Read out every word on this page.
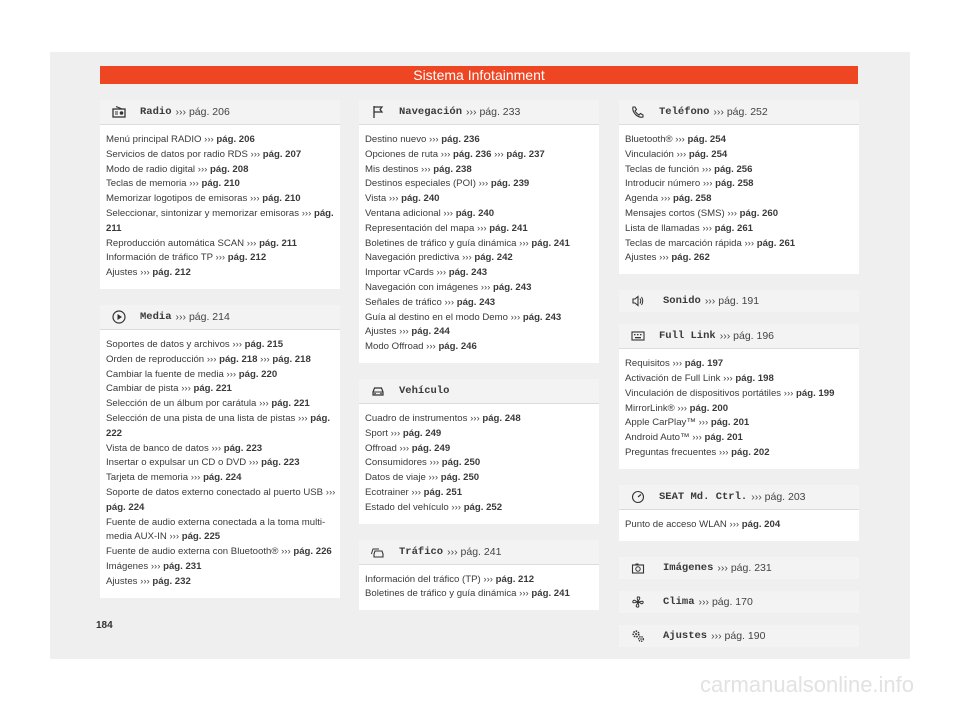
Sistema Infotainment
Radio ››› pág. 206
Menú principal RADIO ››› pág. 206
Servicios de datos por radio RDS ››› pág. 207
Modo de radio digital ››› pág. 208
Teclas de memoria ››› pág. 210
Memorizar logotipos de emisoras ››› pág. 210
Seleccionar, sintonizar y memorizar emisoras ››› pág. 211
Reproducción automática SCAN ››› pág. 211
Información de tráfico TP ››› pág. 212
Ajustes ››› pág. 212
Media ››› pág. 214
Soportes de datos y archivos ››› pág. 215
Orden de reproducción ››› pág. 218 ››› pág. 218
Cambiar la fuente de media ››› pág. 220
Cambiar de pista ››› pág. 221
Selección de un álbum por carátula ››› pág. 221
Selección de una pista de una lista de pistas ››› pág. 222
Vista de banco de datos ››› pág. 223
Insertar o expulsar un CD o DVD ››› pág. 223
Tarjeta de memoria ››› pág. 224
Soporte de datos externo conectado al puerto USB ››› pág. 224
Fuente de audio externa conectada a la toma multi-media AUX-IN ››› pág. 225
Fuente de audio externa con Bluetooth® ››› pág. 226
Imágenes ››› pág. 231
Ajustes ››› pág. 232
Navegación ››› pág. 233
Destino nuevo ››› pág. 236
Opciones de ruta ››› pág. 236 ››› pág. 237
Mis destinos ››› pág. 238
Destinos especiales (POI) ››› pág. 239
Vista ››› pág. 240
Ventana adicional ››› pág. 240
Representación del mapa ››› pág. 241
Boletines de tráfico y guía dinámica ››› pág. 241
Navegación predictiva ››› pág. 242
Importar vCards ››› pág. 243
Navegación con imágenes ››› pág. 243
Señales de tráfico ››› pág. 243
Guía al destino en el modo Demo ››› pág. 243
Ajustes ››› pág. 244
Modo Offroad ››› pág. 246
Vehículo
Cuadro de instrumentos ››› pág. 248
Sport ››› pág. 249
Offroad ››› pág. 249
Consumidores ››› pág. 250
Datos de viaje ››› pág. 250
Ecotrainer ››› pág. 251
Estado del vehículo ››› pág. 252
Tráfico ››› pág. 241
Información del tráfico (TP) ››› pág. 212
Boletines de tráfico y guía dinámica ››› pág. 241
Teléfono ››› pág. 252
Bluetooth® ››› pág. 254
Vinculación ››› pág. 254
Teclas de función ››› pág. 256
Introducir número ››› pág. 258
Agenda ››› pág. 258
Mensajes cortos (SMS) ››› pág. 260
Lista de llamadas ››› pág. 261
Teclas de marcación rápida ››› pág. 261
Ajustes ››› pág. 262
Sonido ››› pág. 191
Full Link ››› pág. 196
Requisitos ››› pág. 197
Activación de Full Link ››› pág. 198
Vinculación de dispositivos portátiles ››› pág. 199
MirrorLink® ››› pág. 200
Apple CarPlay™ ››› pág. 201
Android Auto™ ››› pág. 201
Preguntas frecuentes ››› pág. 202
SEAT Md. Ctrl. ››› pág. 203
Punto de acceso WLAN ››› pág. 204
Imágenes ››› pág. 231
Clima ››› pág. 170
Ajustes ››› pág. 190
184
carmanualsonline.info
